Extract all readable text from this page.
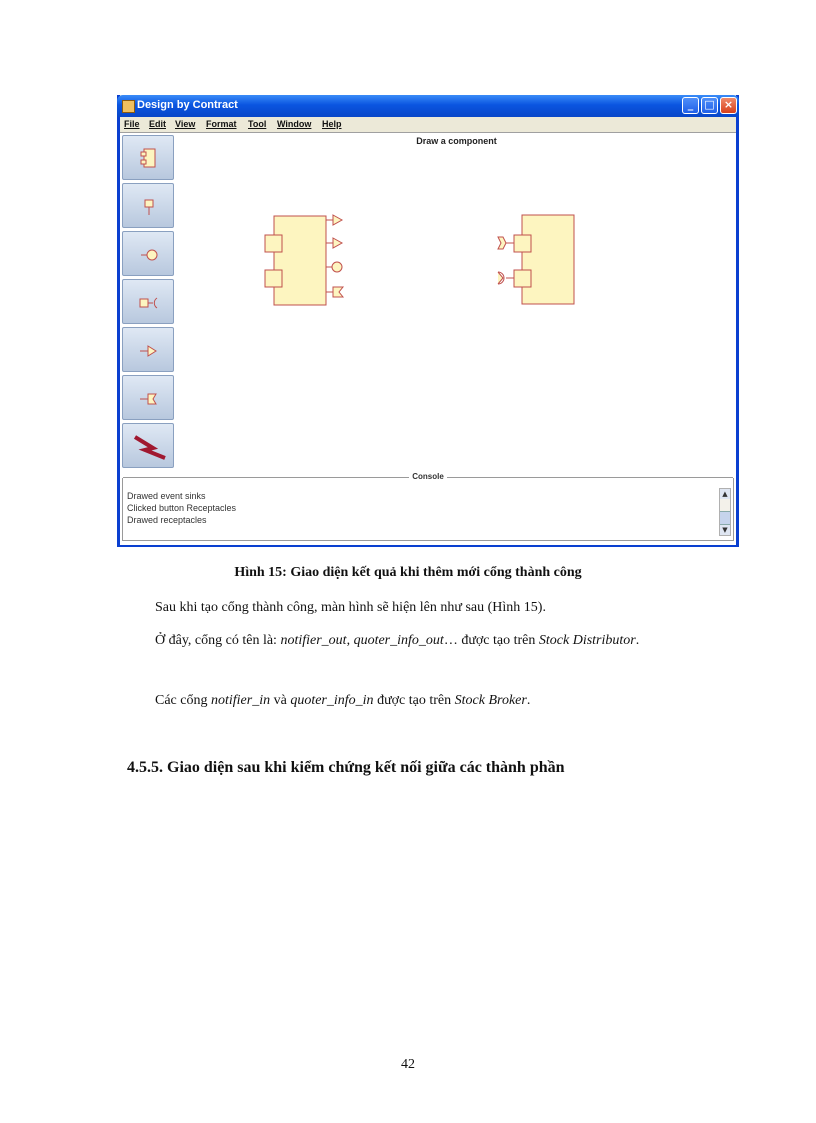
Design by Contract	_	□ ×
File Edit View Format Tool Window Help
Draw a component
Console
Drawed event sinks
Clicked button Receptacles
Drawed receptacles
▲
▼
Hình 15: Giao diện kết quả khi thêm mới cổng thành công
Sau khi tạo cổng thành công, màn hình sẽ hiện lên như sau (Hình 15).
Ở đây, cổng có tên là: notifier_out, quoter_info_out… được tạo trên Stock Distributor.
Các cổng notifier_in và quoter_info_in được tạo trên Stock Broker.
4.5.5. Giao diện sau khi kiểm chứng kết nối giữa các thành phần
42
